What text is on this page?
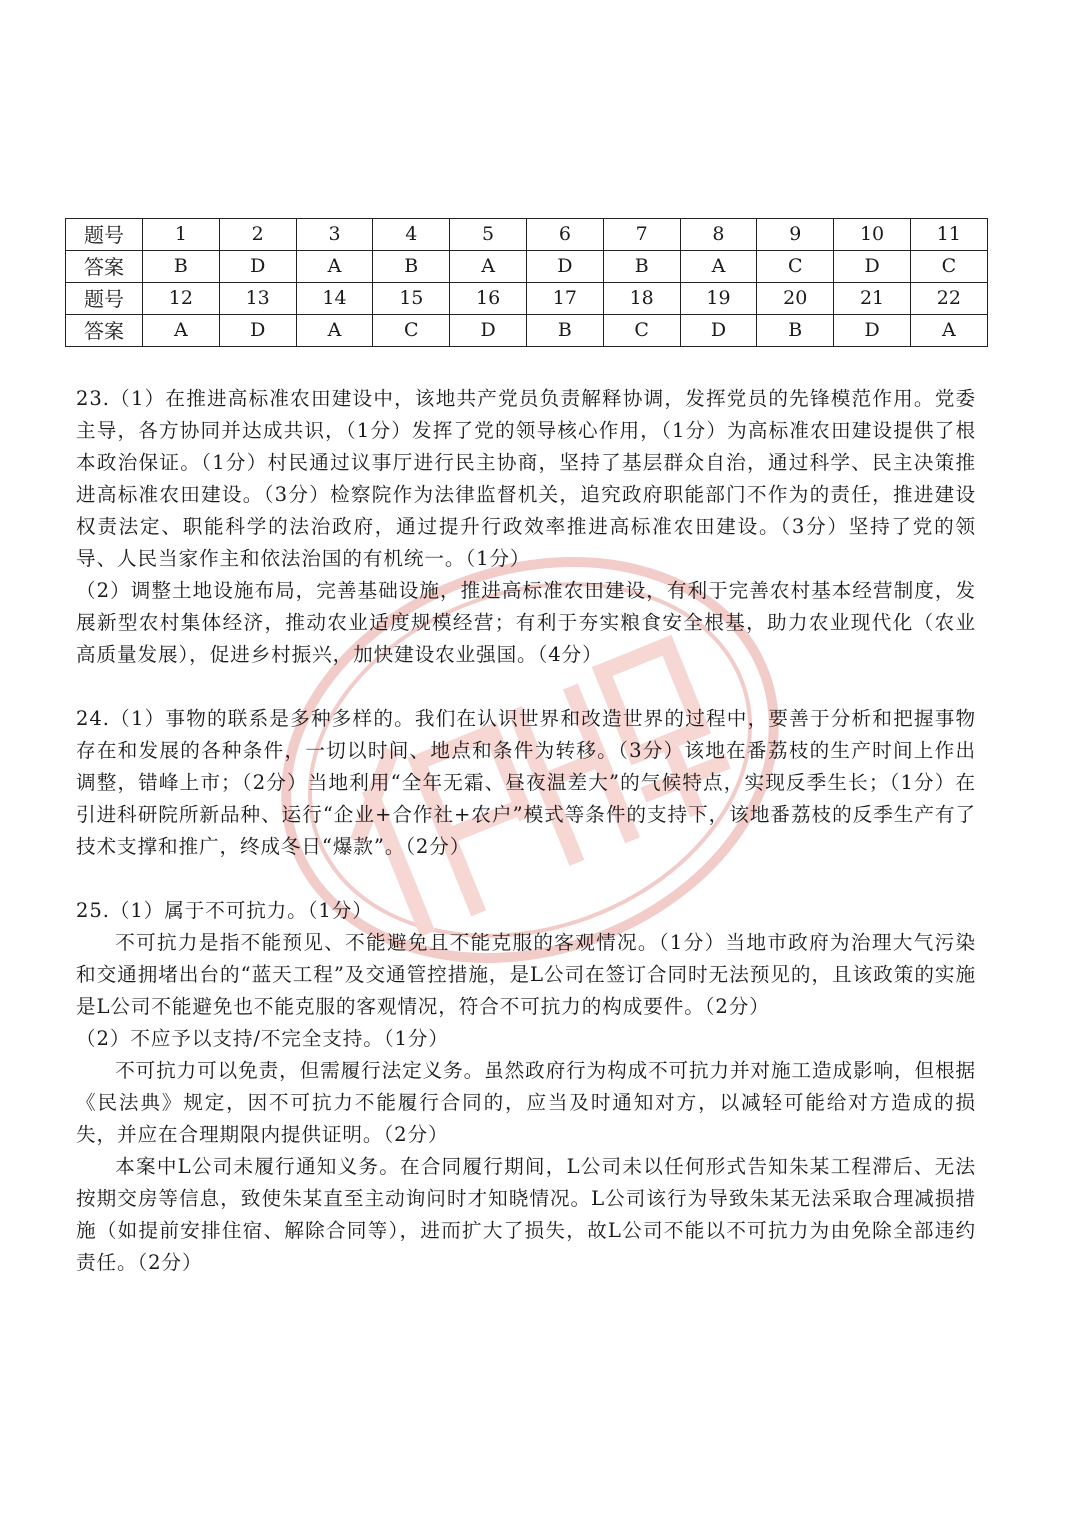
题号	1	2	3	4	5	6	7	8	9	10	11
答案	B	D	A	B	A	D	B	A	C	D	C
题号	12	13	14	15	16	17	18	19	20	21	22
答案	A	D	A	C	D	B	C	D	B	D	A

23.（1）在推进高标准农田建设中，该地共产党员负责解释协调，发挥党员的先锋模范作用。党委主导，各方协同并达成共识，（1分）发挥了党的领导核心作用，（1分）为高标准农田建设提供了根本政治保证。（1分）村民通过议事厅进行民主协商，坚持了基层群众自治，通过科学、民主决策推进高标准农田建设。（3分）检察院作为法律监督机关，追究政府职能部门不作为的责任，推进建设权责法定、职能科学的法治政府，通过提升行政效率推进高标准农田建设。（3分）坚持了党的领导、人民当家作主和依法治国的有机统一。（1分）

（2）调整土地设施布局，完善基础设施，推进高标准农田建设，有利于完善农村基本经营制度，发展新型农村集体经济，推动农业适度规模经营；有利于夯实粮食安全根基，助力农业现代化（农业高质量发展），促进乡村振兴，加快建设农业强国。（4分）

24.（1）事物的联系是多种多样的。我们在认识世界和改造世界的过程中，要善于分析和把握事物存在和发展的各种条件，一切以时间、地点和条件为转移。（3分）该地在番荔枝的生产时间上作出调整，错峰上市；（2分）当地利用“全年无霜、昼夜温差大”的气候特点，实现反季生长；（1分）在引进科研院所新品种、运行“企业+合作社+农户”模式等条件的支持下，该地番荔枝的反季生产有了技术支撑和推广，终成冬日“爆款”。（2分）

25.（1）属于不可抗力。（1分）

不可抗力是指不能预见、不能避免且不能克服的客观情况。（1分）当地市政府为治理大气污染和交通拥堵出台的“蓝天工程”及交通管控措施，是L公司在签订合同时无法预见的，且该政策的实施是L公司不能避免也不能克服的客观情况，符合不可抗力的构成要件。（2分）

（2）不应予以支持/不完全支持。（1分）

不可抗力可以免责，但需履行法定义务。虽然政府行为构成不可抗力并对施工造成影响，但根据《民法典》规定，因不可抗力不能履行合同的，应当及时通知对方，以减轻可能给对方造成的损失，并应在合理期限内提供证明。（2分）

本案中L公司未履行通知义务。在合同履行期间，L公司未以任何形式告知朱某工程滞后、无法按期交房等信息，致使朱某直至主动询问时才知晓情况。L公司该行为导致朱某无法采取合理减损措施（如提前安排住宿、解除合同等），进而扩大了损失，故L公司不能以不可抗力为由免除全部违约责任。（2分）
